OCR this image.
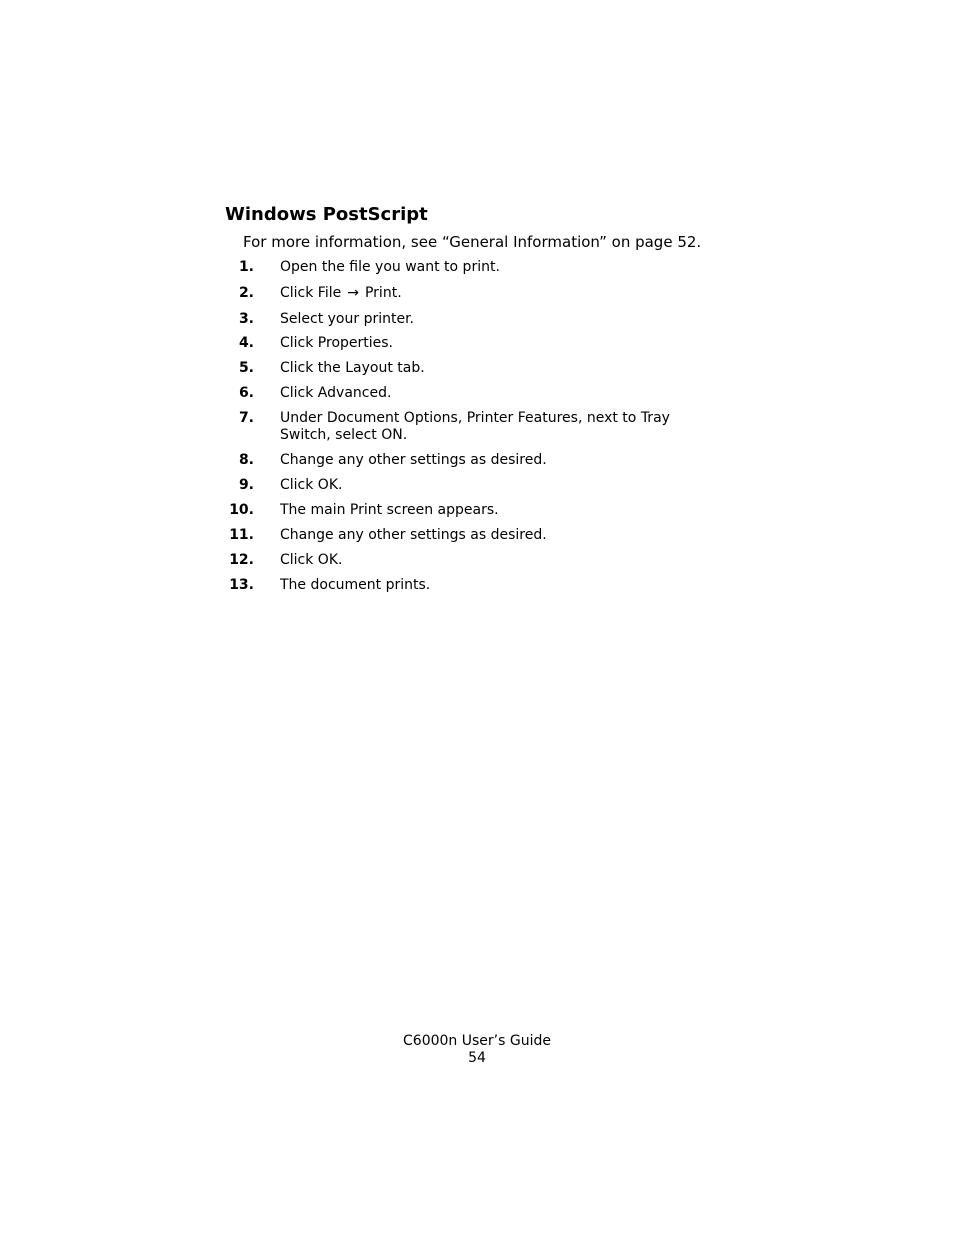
Windows PostScript

For more information, see “General Information” on page 52.

1. Open the file you want to print.
2. Click File → Print.
3. Select your printer.
4. Click Properties.
5. Click the Layout tab.
6. Click Advanced.
7. Under Document Options, Printer Features, next to Tray Switch, select ON.
8. Change any other settings as desired.
9. Click OK.
10. The main Print screen appears.
11. Change any other settings as desired.
12. Click OK.
13. The document prints.
C6000n User’s Guide
54
